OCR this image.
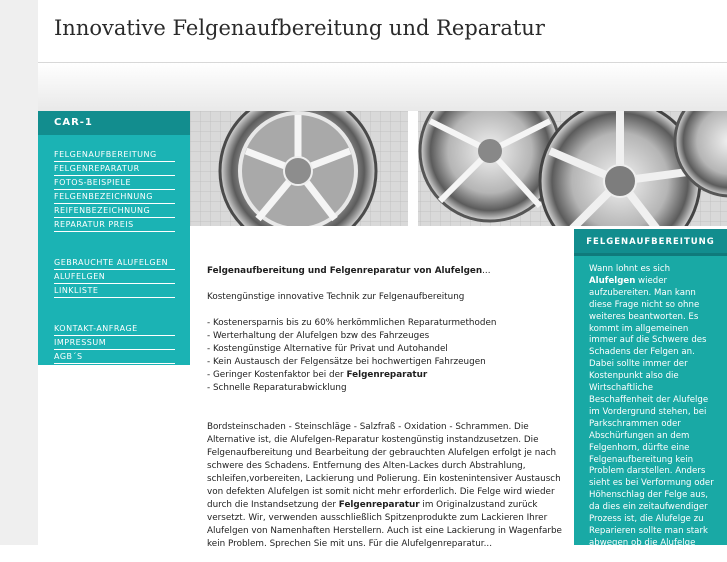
Innovative Felgenaufbereitung und Reparatur
CAR-1
FELGENAUFBEREITUNG
FELGENREPARATUR
FOTOS-BEISPIELE
FELGENBEZEICHNUNG
REIFENBEZEICHNUNG
REPARATUR PREIS
GEBRAUCHTE ALUFELGEN
ALUFELGEN
LINKLISTE
KONTAKT-ANFRAGE
IMPRESSUM
AGB´S

Felgenaufbereitung und Felgenreparatur von Alufelgen...

Kostengünstige innovative Technik zur Felgenaufbereitung

- Kostenersparnis bis zu 60% herkömmlichen Reparaturmethoden

- Werterhaltung der Alufelgen bzw des Fahrzeuges

- Kostengünstige Alternative für Privat und Autohandel

- Kein Austausch der Felgensätze bei hochwertigen Fahrzeugen

- Geringer Kostenfaktor bei der Felgenreparatur

- Schnelle Reparaturabwicklung

Bordsteinschaden - Steinschläge - Salzfraß - Oxidation - Schrammen. Die Alternative ist, die Alufelgen-Reparatur kostengünstig instandzusetzen. Die Felgenaufbereitung und Bearbeitung der gebrauchten Alufelgen erfolgt je nach schwere des Schadens. Entfernung des Alten-Lackes durch Abstrahlung, schleifen,vorbereiten, Lackierung und Polierung. Ein kostenintensiver Austausch von defekten Alufelgen ist somit nicht mehr erforderlich. Die Felge wird wieder durch die Instandsetzung der Felgenreparatur im Originalzustand zurück versetzt. Wir, verwenden ausschließlich Spitzenprodukte zum Lackieren Ihrer Alufelgen von Namenhaften Herstellern. Auch ist eine Lackierung in Wagenfarbe kein Problem. Sprechen Sie mit uns. Für die Alufelgenreparatur...

FELGENAUFBEREITUNG
Wann lohnt es sich Alufelgen wieder aufzubereiten. Man kann diese Frage nicht so ohne weiteres beantworten. Es kommt im allgemeinen immer auf die Schwere des Schadens der Felgen an. Dabei sollte immer der Kostenpunkt also die Wirtschaftliche Beschaffenheit der Alufelge im Vordergrund stehen, bei Parkschrammen oder Abschürfungen an dem Felgenhorn, dürfte eine Felgenaufbereitung kein Problem darstellen. Anders sieht es bei Verformung oder Höhenschlag der Felge aus, da dies ein zeitaufwendiger Prozess ist, die Alufelge zu Reparieren sollte man stark abwegen ob die Alufelge noch
